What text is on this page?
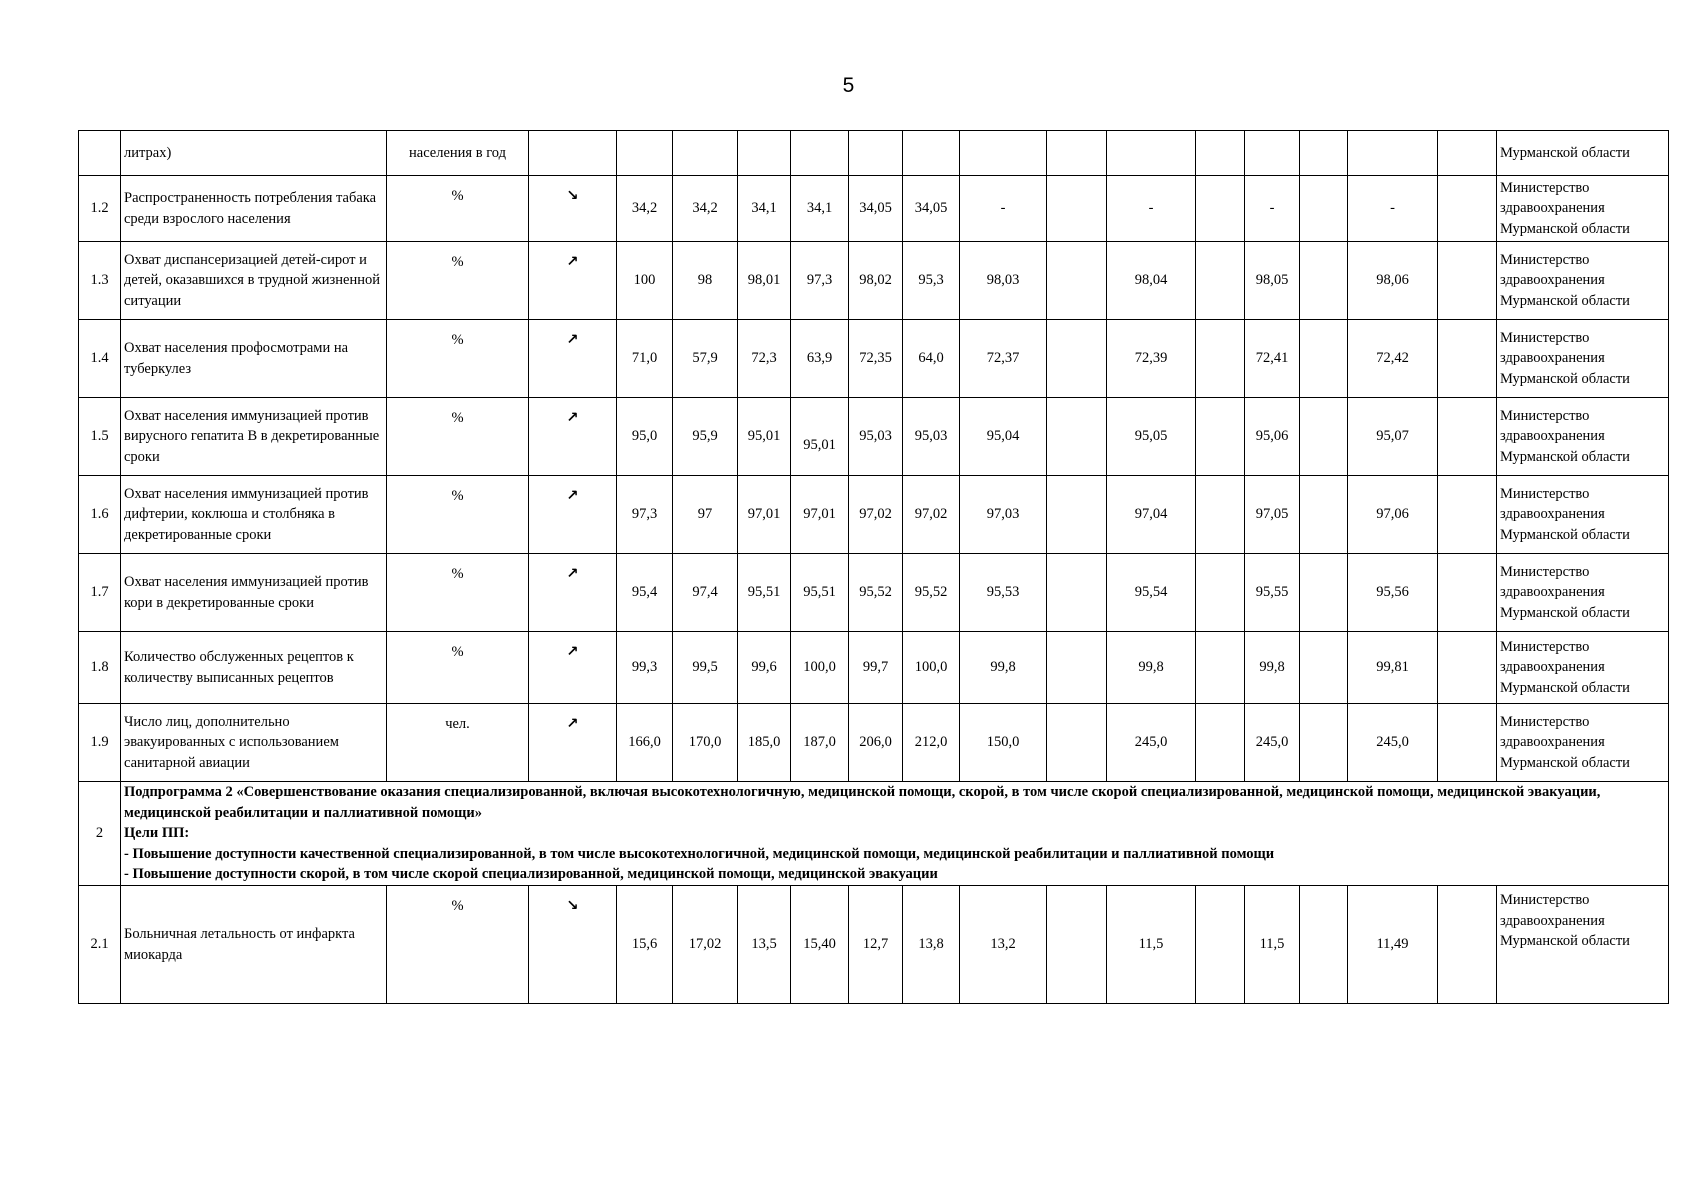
5
	литрах)	населения в год																Мурманской области
1.2	Распространенность потребления табака среди взрослого населения	%	↘	34,2	34,2	34,1	34,1	34,05	34,05	-		-		-		-		Министерство здравоохранения Мурманской области
1.3	Охват диспансеризацией детей-сирот и детей, оказавшихся в трудной жизненной ситуации	%	↗	100	98	98,01	97,3	98,02	95,3	98,03		98,04		98,05		98,06		Министерство здравоохранения Мурманской области
1.4	Охват населения профосмотрами на туберкулез	%	↗	71,0	57,9	72,3	63,9	72,35	64,0	72,37		72,39		72,41		72,42		Министерство здравоохранения Мурманской области
1.5	Охват населения иммунизацией против вирусного гепатита В в декретированные сроки	%	↗	95,0	95,9	95,01	95,01	95,03	95,03	95,04		95,05		95,06		95,07		Министерство здравоохранения Мурманской области
1.6	Охват населения иммунизацией против дифтерии, коклюша и столбняка в декретированные сроки	%	↗	97,3	97	97,01	97,01	97,02	97,02	97,03		97,04		97,05		97,06		Министерство здравоохранения Мурманской области
1.7	Охват населения иммунизацией против кори в декретированные сроки	%	↗	95,4	97,4	95,51	95,51	95,52	95,52	95,53		95,54		95,55		95,56		Министерство здравоохранения Мурманской области
1.8	Количество обслуженных рецептов к количеству выписанных рецептов	%	↗	99,3	99,5	99,6	100,0	99,7	100,0	99,8		99,8		99,8		99,81		Министерство здравоохранения Мурманской области
1.9	Число лиц, дополнительно эвакуированных с использованием санитарной авиации	чел.	↗	166,0	170,0	185,0	187,0	206,0	212,0	150,0		245,0		245,0		245,0		Министерство здравоохранения Мурманской области
2	Подпрограмма 2 «Совершенствование оказания специализированной, включая высокотехнологичную, медицинской помощи, скорой, в том числе скорой специализированной, медицинской помощи, медицинской эвакуации, медицинской реабилитации и паллиативной помощи»
Цели ПП:
- Повышение доступности качественной специализированной, в том числе высокотехнологичной, медицинской помощи, медицинской реабилитации и паллиативной помощи
- Повышение доступности скорой, в том числе скорой специализированной, медицинской помощи, медицинской эвакуации																	

2.1	Больничная летальность от инфаркта миокарда	%	↘	15,6	17,02	13,5	15,40	12,7	13,8	13,2		11,5		11,5		11,49		Министерство здравоохранения Мурманской области
